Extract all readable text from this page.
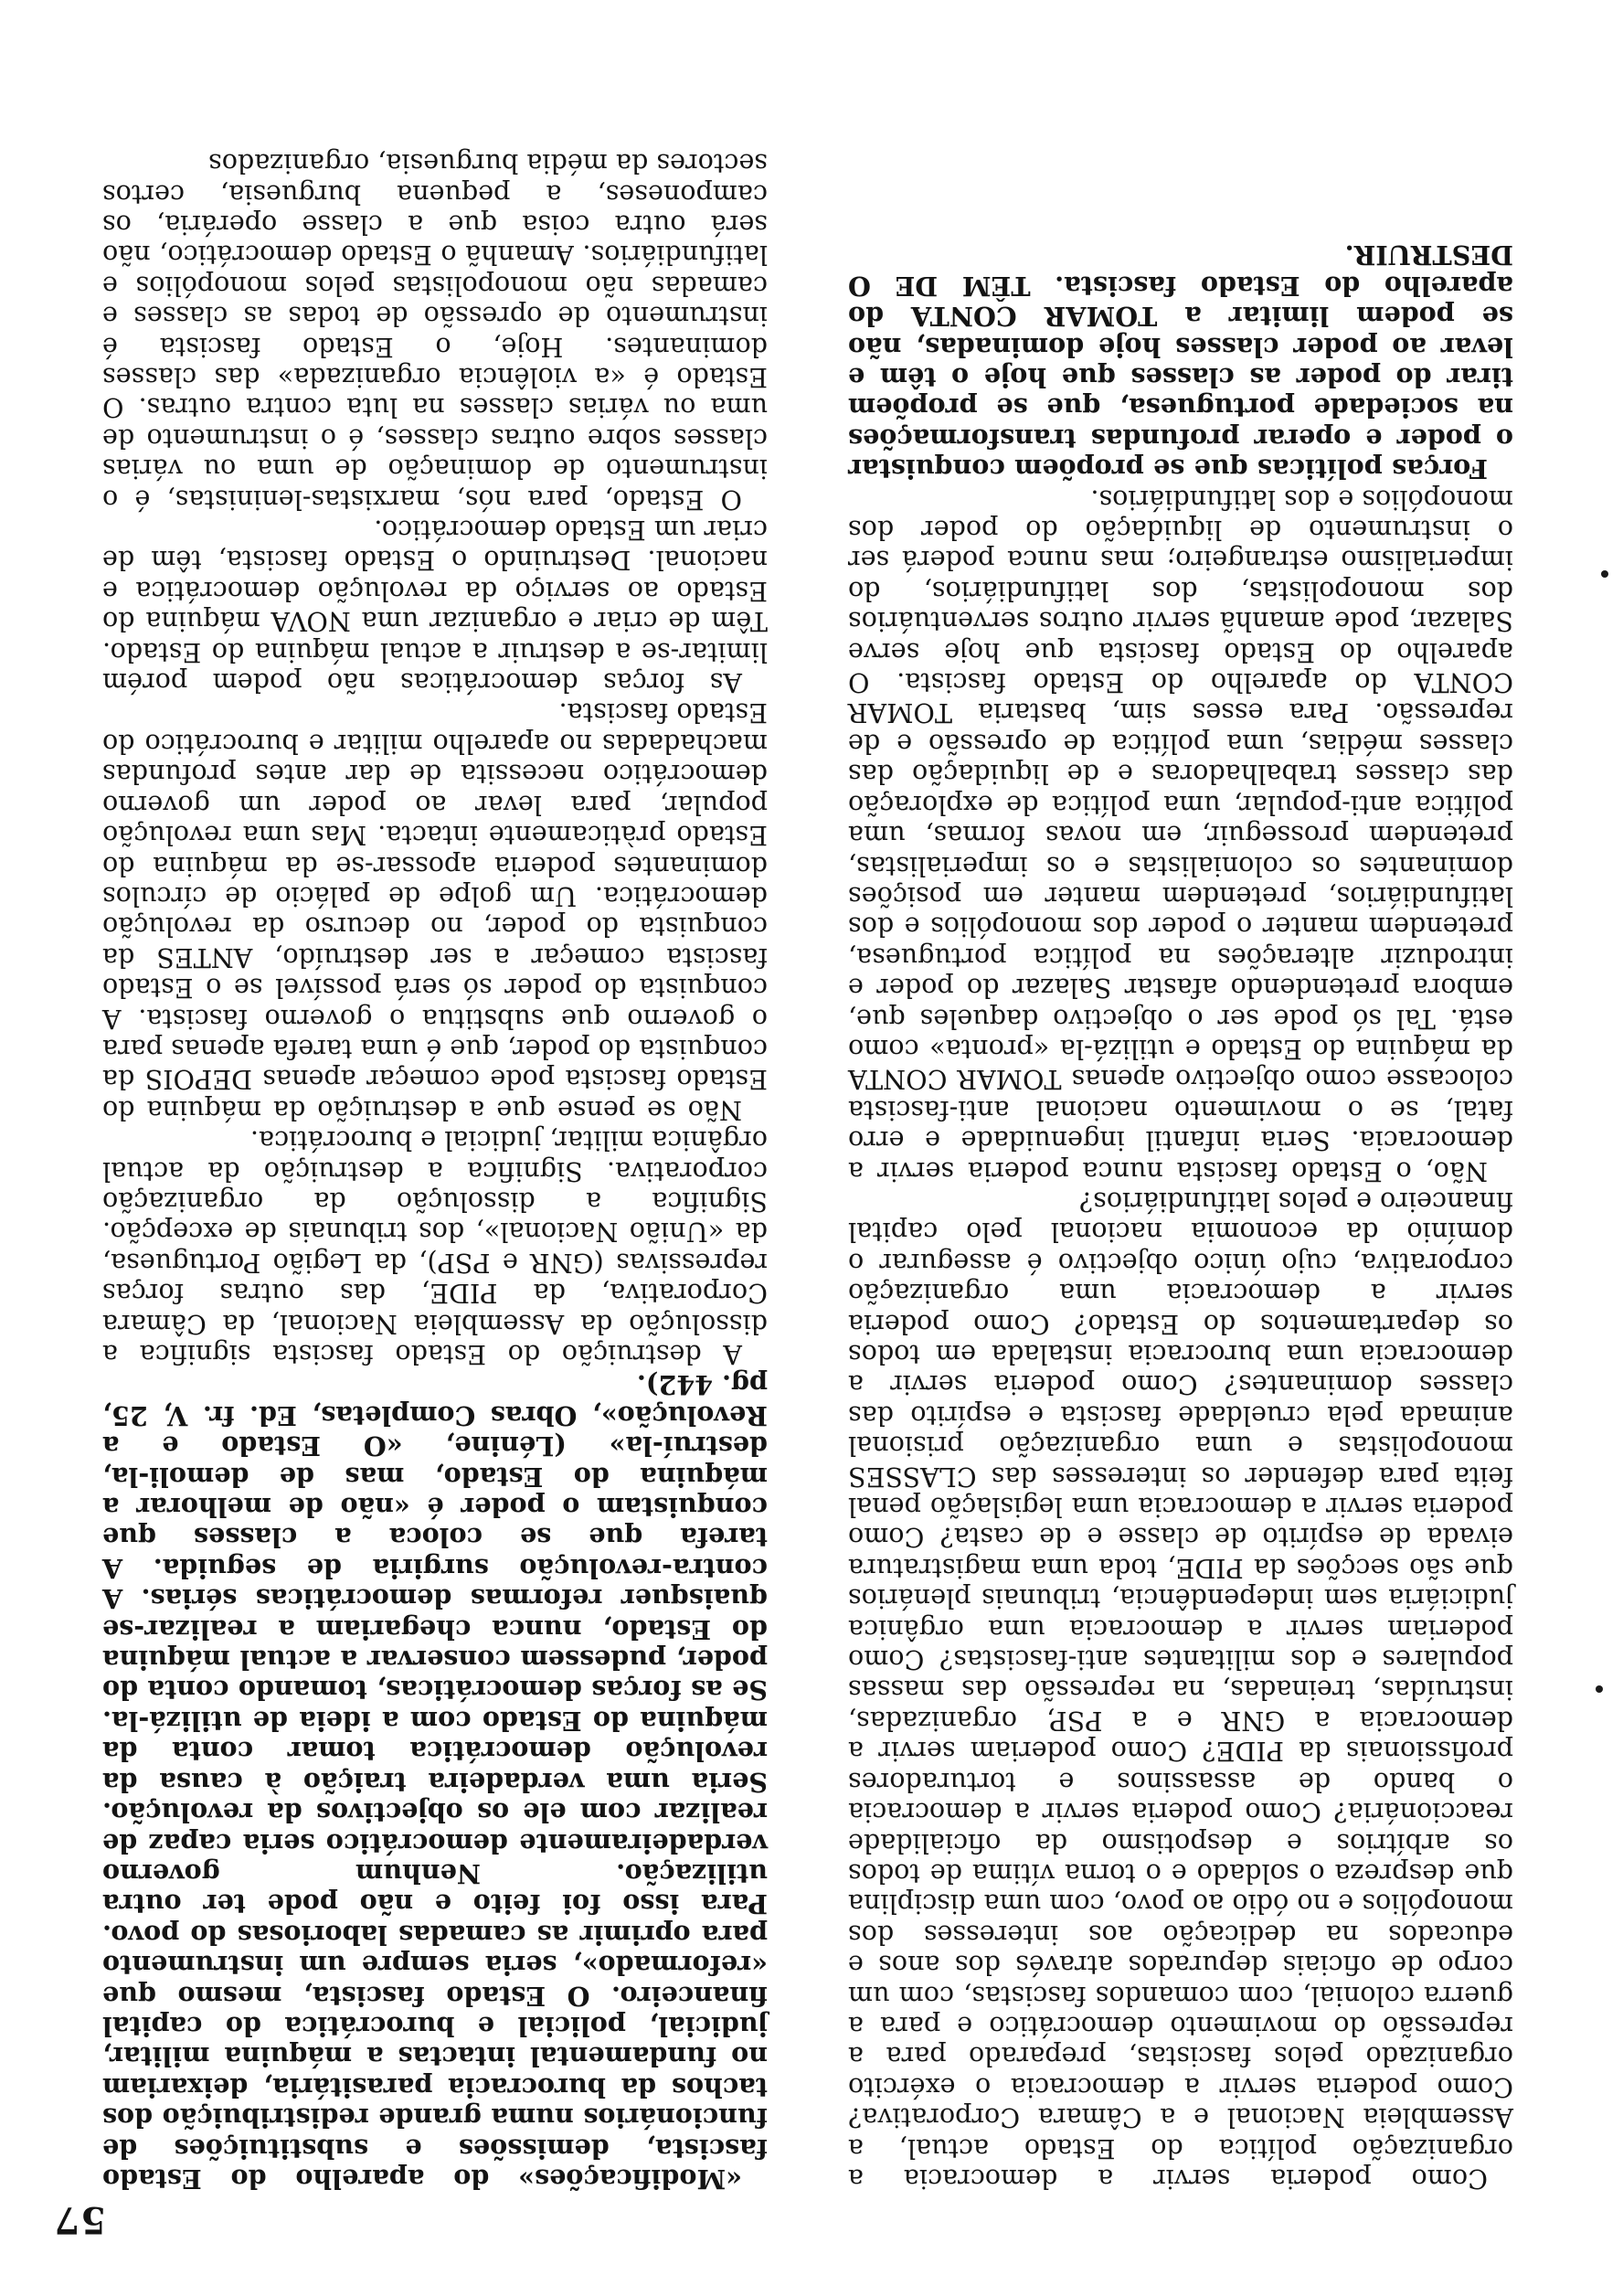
57

Como poderia servir a democracia a organização política do Estado actual, a Assembleia Nacional e a Câmara Corporativa? Como poderia servir a democracia o exército organizado pelos fascistas, preparado para a repressão do movimento democrático e para a guerra colonial, com comandos fascistas, com um corpo de oficiais depurados através dos anos e educados na dedicação aos interesses dos monopólios e no ódio ao povo, com uma disciplina que despreza o soldado e o torna vítima de todos os arbítrios e despotismo da oficialidade reaccionária? Como poderia servir a democracia o bando de assassinos e torturadores profissionais da PIDE? Como poderiam servir a democracia a GNR e a PSP, organizadas, instruídas, treinadas, na repressão das massas populares e dos militantes anti-fascistas? Como poderiam servir a democracia uma orgânica judiciária sem independência, tribunais plenários que são secções da PIDE, toda uma magistratura eivada de espírito de classe e de casta? Como poderia servir a democracia uma legislação penal feita para defender os interesses das CLASSES monopolistas e uma organização prisional animada pela crueldade fascista e espírito das classes dominantes? Como poderia servir a democracia uma burocracia instalada em todos os departamentos do Estado? Como poderia servir a democracia uma organização corporativa, cujo único objectivo é assegurar o domínio da economia nacional pelo capital financeiro e pelos latifundiários?

Não, o Estado fascista nunca poderia servir a democracia. Seria infantil ingenuidade e erro fatal, se o movimento nacional anti-fascista colocasse como objectivo apenas TOMAR CONTA da máquina do Estado e utilizá-la «pronta» como está. Tal só pode ser o objectivo daqueles que, embora pretendendo afastar Salazar do poder e introduzir alterações na política portuguesa, pretendem manter o poder dos monopólios e dos latifundiários, pretendem manter em posições dominantes os colonialistas e os imperialistas, pretendem prosseguir, em novas formas, uma política anti-popular, uma política de exploração das classes trabalhadoras e de liquidação das classes médias, uma política de opressão e de repressão. Para esses sim, bastaria TOMAR CONTA do aparelho do Estado fascista. O aparelho do Estado fascista que hoje serve Salazar, pode amanhã servir outros serventuários dos monopolistas, dos latifundiários, do imperialismo estrangeiro; mas nunca poderá ser o instrumento de liquidação do poder dos monopólios e dos latifundiários.

Forças políticas que se propõem conquistar o poder e operar profundas transformações na sociedade portuguesa, que se propõem tirar do poder as classes que hoje o têm e levar ao poder classes hoje dominadas, não se podem limitar a TOMAR CONTA do aparelho do Estado fascista. TÊM DE O DESTRUIR.

«Modificações» do aparelho do Estado fascista, demissões e substituições de funcionários numa grande redistribuição dos tachos da burocracia parasitária, deixariam no fundamental intactas a máquina militar, judicial, policial e burocrática do capital financeiro. O Estado fascista, mesmo que «reformado», seria sempre um instrumento para oprimir as camadas laboriosas do povo. Para isso foi feito e não pode ter outra utilização. Nenhum governo verdadeiramente democrático seria capaz de realizar com ele os objectivos da revolução. Seria uma verdadeira traição à causa da revolução democrática tomar conta da máquina do Estado com a ideia de utilizá-la. Se as forças democráticas, tomando conta do poder, pudessem conservar a actual máquina do Estado, nunca chegariam a realizar-se quaisquer reformas democráticas sérias. A contra-revolução surgiria de seguida. A tarefa que se coloca a classes que conquistam o poder é «não de melhorar a máquina do Estado, mas de demoli-la, destruí-la» (Lénine, «O Estado e a Revolução», Obras Completas, Ed. fr. V, 25, pg. 442).

A destruição do Estado fascista significa a dissolução da Assembleia Nacional, da Câmara Corporativa, da PIDE, das outras forças repressivas (GNR e PSP), da Legião Portuguesa, da «União Nacional», dos tribunais de excepção. Significa a dissolução da organização corporativa. Significa a destruição da actual orgânica militar, judicial e burocrática.

Não se pense que a destruição da máquina do Estado fascista pode começar apenas DEPOIS da conquista do poder, que é uma tarefa apenas para o governo que substitua o governo fascista. A conquista do poder só será possível se o Estado fascista começar a ser destruído, ANTES da conquista do poder, no decurso da revolução democrática. Um golpe de palácio de círculos dominantes poderia apossar-se da máquina do Estado pràticamente intacta. Mas uma revolução popular, para levar ao poder um governo democrático necessita de dar antes profundas machadadas no aparelho militar e burocrático do Estado fascista.

As forças democráticas não podem porém limitar-se a destruir a actual máquina do Estado. Têm de criar e organizar uma NOVA máquina do Estado ao serviço da revolução democrática e nacional. Destruindo o Estado fascista, têm de criar um Estado democrático.

O Estado, para nós, marxistas-leninistas, é o instrumento de dominação de uma ou várias classes sobre outras classes, é o instrumento de uma ou várias classes na luta contra outras. O Estado é «a violência organizada» das classes dominantes. Hoje, o Estado fascista é instrumento de opressão de todas as classes e camadas não monopolistas pelos monopólios e latifundiários. Amanhã o Estado democrático, não será outra coisa que a classe operária, os camponeses, a pequena burguesia, certos sectores da média burguesia, organizados
